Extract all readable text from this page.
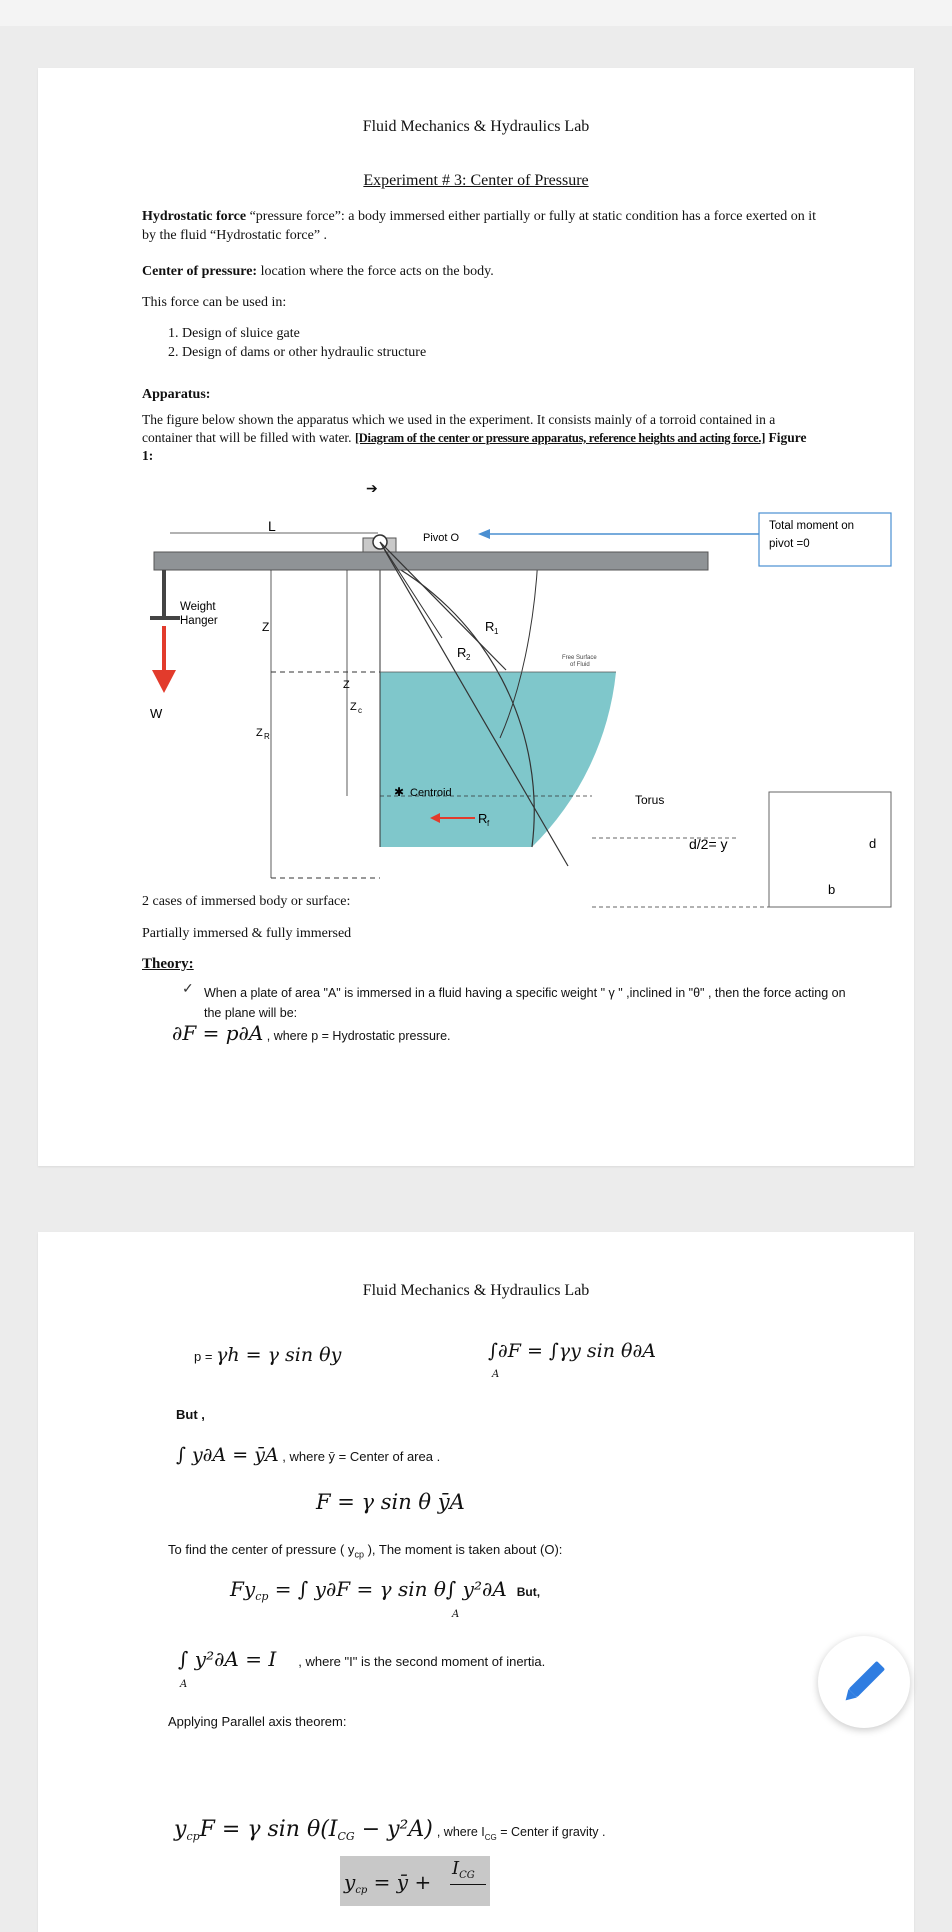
Fluid Mechanics & Hydraulics Lab
Experiment # 3: Center of Pressure
Hydrostatic force “pressure force”: a body immersed either partially or fully at static condition has a force exerted on it by the fluid “Hydrostatic force” .
Center of pressure: location where the force acts on the body.
This force can be used in:
1. Design of sluice gate
2. Design of dams or other hydraulic structure
Apparatus:
The figure below shown the apparatus which we used in the experiment. It consists mainly of a torroid contained in a container that will be filled with water. [Diagram of the center or pressure apparatus, reference heights and acting force.] Figure 1:
➔
Total moment on
pivot =0
L
Pivot O
Weight
Hanger
W
Z
Z R
Z
Z c
R 1
R 2	Free Surface
of Fluid
Centroid
✱
R f
Torus
d/2= y	d
b
2 cases of immersed body or surface:
Partially immersed & fully immersed
Theory:
✓ When a plate of area "A" is immersed in a fluid having a specific weight " γ " ,inclined in "θ" , then the force acting on the plane will be:
∂F = p∂A , where p = Hydrostatic pressure.
Fluid Mechanics & Hydraulics Lab
p = γh = γ sin θy	∫∂F = ∫γy sin θ∂A
A
But ,
∫ y∂A = ȳA , where ȳ = Center of area .
F = γ sin θ ȳA
To find the center of pressure ( $y_{cp}$ ), The moment is taken about (O):
$Fy_{cp}$ = ∫ y∂F = γ sin θ∫ y²∂A But,
A
∫ y²∂A = I , where "I" is the second moment of inertia.
A
Applying Parallel axis theorem:
$y_{cp}F = \gamma$ $\sin \theta(I_{CG} - y^2A)$ , where $I_{CG}$ = Center if gravity .
$y_{cp}$ = ȳ +
$I_{CG}$
